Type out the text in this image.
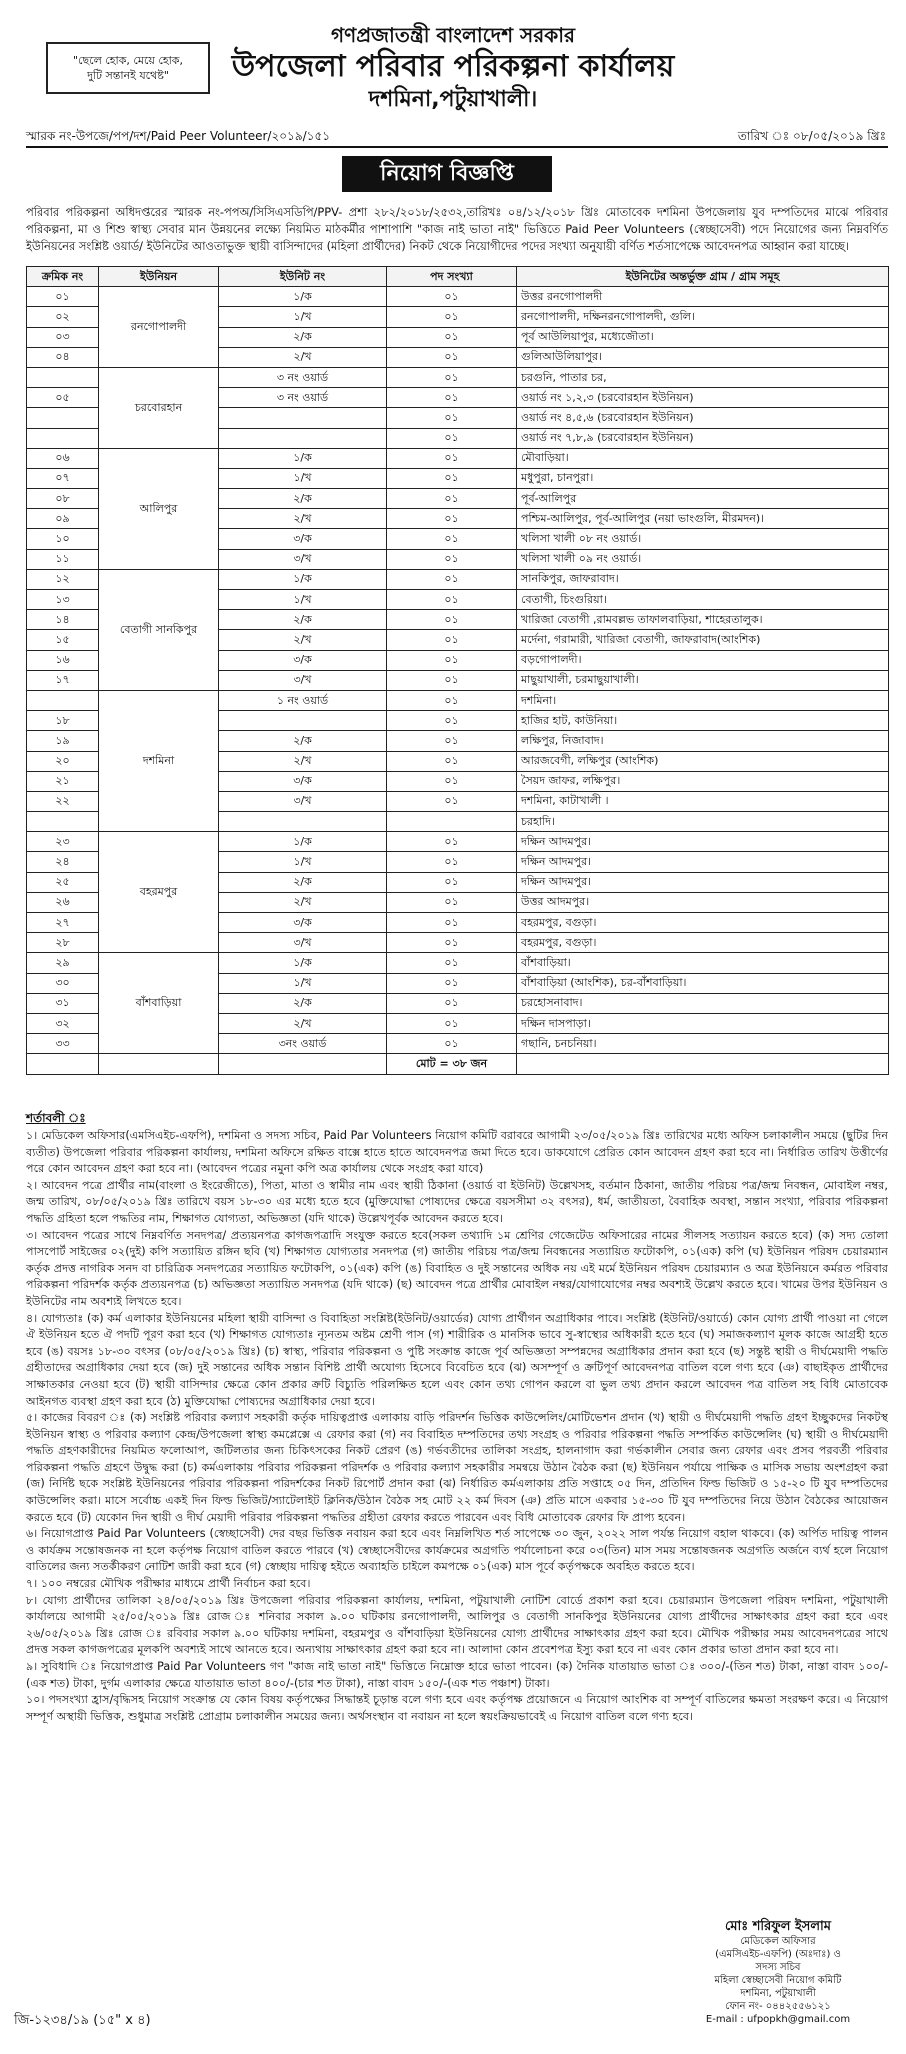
"ছেলে হোক, মেয়ে হোক,
দুটি সন্তানই যথেষ্ট"
গণপ্রজাতন্ত্রী বাংলাদেশ সরকার
উপজেলা পরিবার পরিকল্পনা কার্যালয়
দশমিনা,পটুয়াখালী।
স্মারক নং-উপজে/পপ/দশ/Paid Peer Volunteer/২০১৯/১৫১	তারিখ ঃ ০৮/০৫/২০১৯ খ্রিঃ
নিয়োগ বিজ্ঞপ্তি
পরিবার পরিকল্পনা অধিদপ্তরের স্মারক নং-পপঅ/সিসিএসডিপি/PPV- প্রশা ২৮২/২০১৮/২৫৩২,তারিখঃ ০৪/১২/২০১৮ খ্রিঃ মোতাবেক দশমিনা উপজেলায় যুব দম্পতিদের মাঝে পরিবার পরিকল্পনা, মা ও শিশু স্বাস্থ্য সেবার মান উন্নয়নের লক্ষ্যে নিয়মিত মাঠকর্মীর পাশাপাশি "কাজ নাই ভাতা নাই" ভিত্তিতে Paid Peer Volunteers (স্বেচ্ছাসেবী) পদে নিয়োগের জন্য নিম্নবর্ণিত ইউনিয়নের সংশ্লিষ্ট ওয়ার্ড/ ইউনিটের আওতাভুক্ত স্থায়ী বাসিন্দাদের (মহিলা প্রার্থীদের) নিকট থেকে নিয়োগীদের পদের সংখ্যা অনুযায়ী বর্ণিত শর্তসাপেক্ষে আবেদনপত্র আহ্বান করা যাচ্ছে।
ক্রমিক নং	ইউনিয়ন	ইউনিট নং	পদ সংখ্যা	ইউনিটের অন্তর্ভুক্ত গ্রাম / গ্রাম সমূহ
০১	রনগোপালদী	১/ক	০১	উত্তর রনগোপালদী
০২		১/খ	০১	রনগোপালদী, দক্ষিনরনগোপালদী, গুলি।
০৩		২/ক	০১	পূর্ব আউলিয়াপুর, মধ্যেজৌতা।
০৪		২/খ	০১	গুলিআউলিয়াপুর।
	চরবোরহান	৩ নং ওয়ার্ড	০১	চরগুনি, পাতার চর,
০৫		৩ নং ওয়ার্ড	০১	ওয়ার্ড নং ১,২,৩ (চরবোরহান ইউনিয়ন)
			০১	ওয়ার্ড নং ৪,৫,৬ (চরবোরহান ইউনিয়ন)
			০১	ওয়ার্ড নং ৭,৮,৯ (চরবোরহান ইউনিয়ন)
০৬	আলিপুর	১/ক	০১	মৌবাড়িয়া।
০৭		১/খ	০১	মধুপুরা, চানপুরা।
০৮		২/ক	০১	পূর্ব-আলিপুর
০৯		২/খ	০১	পশ্চিম-আলিপুর, পূর্ব-আলিপুর (নয়া ভাংগুলি, মীরমদন)।
১০		৩/ক	০১	খলিসা খালী ০৮ নং ওয়ার্ড।
১১		৩/খ	০১	খলিসা খালী ০৯ নং ওয়ার্ড।
১২	বেতাগী সানকিপুর	১/ক	০১	সানকিপুর, জাফরাবাদ।
১৩		১/খ	০১	বেতাগী, চিংগুরিয়া।
১৪		২/ক	০১	খারিজা বেতাগী ,রামবল্লভ তাফালবাড়িয়া, শাহেরতালুক।
১৫		২/খ	০১	মর্দেনা, গরামারী, খারিজা বেতাগী, জাফরাবাদ(আংশিক)
১৬		৩/ক	০১	বড়গোপালদী।
১৭		৩/খ	০১	মাছুয়াখালী, চরমাছুয়াখালী।
	দশমিনা	১ নং ওয়ার্ড	০১	দশমিনা।
১৮			০১	হাজির হাট, কাউনিয়া।
১৯		২/ক	০১	লক্ষিপুর, নিজাবাদ।
২০		২/খ	০১	আরজবেগী, লক্ষিপুর (আংশিক)
২১		৩/ক	০১	সৈয়দ জাফর, লক্ষিপুর।
২২		৩/খ	০১	দশমিনা, কাটাখালী ।
				চরহাদি।
২৩	বহরমপুর	১/ক	০১	দক্ষিন আদমপুর।
২৪		১/খ	০১	দক্ষিন আদমপুর।
২৫		২/ক	০১	দক্ষিন আদমপুর।
২৬		২/খ	০১	উত্তর আদমপুর।
২৭		৩/ক	০১	বহরমপুর, বগুড়া।
২৮		৩/খ	০১	বহরমপুর, বগুড়া।
২৯	বাঁশবাড়িয়া	১/ক	০১	বাঁশবাড়িয়া।
৩০		১/খ	০১	বাঁশবাড়িয়া (আংশিক), চর-বাঁশবাড়িয়া।
৩১		২/ক	০১	চরহোসনাবাদ।
৩২		২/খ	০১	দক্ষিন দাসপাড়া।
৩৩		৩নং ওয়ার্ড	০১	গছানি, চনচনিয়া।
			মোট = ৩৮ জন	
শর্তাবলী ঃ

১। মেডিকেল অফিসার(এমসিএইচ-এফপি), দশমিনা ও সদস্য সচিব, Paid Par Volunteers নিয়োগ কমিটি বরাবরে আগামী ২৩/০৫/২০১৯ খ্রিঃ তারিখের মধ্যে অফিস চলাকালীন সময়ে (ছুটির দিন ব্যতীত) উপজেলা পরিবার পরিকল্পনা কার্যালয়, দশমিনা অফিসে রক্ষিত বাক্সে হাতে হাতে আবেদনপত্র জমা দিতে হবে। ডাকযোগে প্রেরিত কোন আবেদন গ্রহণ করা হবে না। নির্ধারিত তারিখ উত্তীর্ণের পরে কোন আবেদন গ্রহণ করা হবে না। (আবেদন পত্রের নমুনা কপি অত্র কার্যালয় থেকে সংগ্রহ করা যাবে)

২। আবেদন পত্রে প্রার্থীর নাম(বাংলা ও ইংরেজীতে), পিতা, মাতা ও স্বামীর নাম এবং স্থায়ী ঠিকানা (ওয়ার্ড বা ইউনিট) উল্লেখসহ, বর্তমান ঠিকানা, জাতীয় পরিচয় পত্র/জন্ম নিবন্ধন, মোবাইল নম্বর, জন্ম তারিখ, ০৮/০৫/২০১৯ খ্রিঃ তারিখে বয়স ১৮-৩০ এর মধ্যে হতে হবে (মুক্তিযোদ্ধা পোষ্যদের ক্ষেত্রে বয়সসীমা ৩২ বৎসর), ধর্ম, জাতীয়তা, বৈবাহিক অবস্থা, সন্তান সংখ্যা, পরিবার পরিকল্পনা পদ্ধতি গ্রহিতা হলে পদ্ধতির নাম, শিক্ষাগত যোগ্যতা, অভিজ্ঞতা (যদি থাকে) উল্লেখপূর্বক আবেদন করতে হবে।

৩। আবেদন পত্রের সাথে নিম্নবর্ণিত সনদপত্র/ প্রত্যয়নপত্র কাগজপত্রাদি সংযুক্ত করতে হবে(সকল তথ্যাদি ১ম শ্রেণির গেজেটেড অফিসারের নামের সীলসহ সত্যায়ন করতে হবে) (ক) সদ্য তোলা পাসপোর্ট সাইজের ০২(দুই) কপি সত্যায়িত রঙ্গিন ছবি (খ) শিক্ষাগত যোগ্যতার সনদপত্র (গ) জাতীয় পরিচয় পত্র/জন্ম নিবন্ধনের সত্যায়িত ফটোকপি, ০১(এক) কপি (ঘ) ইউনিয়ন পরিষদ চেয়ারম্যান কর্তৃক প্রদত্ত নাগরিক সনদ বা চারিত্রিক সনদপত্রের সত্যায়িত ফটোকপি, ০১(এক) কপি (ঙ) বিবাহিত ও দুই সন্তানের অধিক নয় এই মর্মে ইউনিয়ন পরিষদ চেয়ারম্যান ও অত্র ইউনিয়নে কর্মরত পরিবার পরিকল্পনা পরিদর্শক কর্তৃক প্রত্যয়নপত্র (চ) অভিজ্ঞতা সত্যায়িত সনদপত্র (যদি থাকে) (ছ) আবেদন পত্রে প্রার্থীর মোবাইল নম্বর/যোগাযোগের নম্বর অবশ্যই উল্লেখ করতে হবে। খামের উপর ইউনিয়ন ও ইউনিটের নাম অবশ্যই লিখতে হবে।

৪। যোগ্যতাঃ (ক) কর্ম এলাকার ইউনিয়নের মহিলা স্থায়ী বাসিন্দা ও বিবাহিতা সংশ্লিষ্ট(ইউনিট/ওয়ার্ডের) যোগ্য প্রার্থীগন অগ্রাধিকার পাবে। সংশ্লিষ্ট (ইউনিট/ওয়ার্ডে) কোন যোগ্য প্রার্থী পাওয়া না গেলে ঐ ইউনিয়ন হতে ঐ পদটি পূরণ করা হবে (খ) শিক্ষাগত যোগ্যতাঃ ন্যূনতম অষ্টম শ্রেণী পাস (গ) শারীরিক ও মানসিক ভাবে সু-স্বাস্থ্যের অধিকারী হতে হবে (ঘ) সমাজকল্যাণ মূলক কাজে আগ্রহী হতে হবে (ঙ) বয়সঃ ১৮-৩০ বৎসর (০৮/০৫/২০১৯ খ্রিঃ) (চ) স্বাস্থ্য, পরিবার পরিকল্পনা ও পুষ্টি সংক্রান্ত কাজে পূর্ব অভিজ্ঞতা সম্পন্নদের অগ্রাধিকার প্রদান করা হবে (ছ) সন্তুষ্ট স্থায়ী ও দীর্ঘমেয়াদী পদ্ধতি গ্রহীতাদের অগ্রাধিকার দেয়া হবে (জ) দুই সন্তানের অধিক সন্তান বিশিষ্ট প্রার্থী অযোগ্য হিসেবে বিবেচিত হবে (ঝ) অসম্পূর্ণ ও ক্রটিপূর্ণ আবেদনপত্র বাতিল বলে গণ্য হবে (ঞ) বাছাইকৃত প্রার্থীদের সাক্ষাতকার নেওয়া হবে (ট) স্থায়ী বাসিন্দার ক্ষেত্রে কোন প্রকার ক্রটি বিচ্যুতি পরিলক্ষিত হলে এবং কোন তথ্য গোপন করলে বা ভুল তথ্য প্রদান করলে আবেদন পত্র বাতিল সহ বিধি মোতাবেক আইনগত ব্যবস্থা গ্রহণ করা হবে (ঠ) মুক্তিযোদ্ধা পোষ্যদের অগ্রাধিকার দেয়া হবে।

৫। কাজের বিবরণ ঃ (ক) সংশ্লিষ্ট পরিবার কল্যাণ সহকারী কর্তৃক দায়িত্বপ্রাপ্ত এলাকায় বাড়ি পরিদর্শন ভিত্তিক কাউন্সেলিং/মোটিভেশন প্রদান (খ) স্থায়ী ও দীর্ঘমেয়াদী পদ্ধতি গ্রহণ ইচ্ছুকদের নিকটস্থ ইউনিয়ন স্বাস্থ্য ও পরিবার কল্যাণ কেন্দ্র/উপজেলা স্বাস্থ্য কমপ্লেক্সে এ রেফার করা (গ) নব বিবাহিত দম্পতিদের তথ্য সংগ্রহ ও পরিবার পরিকল্পনা পদ্ধতি সম্পর্কিত কাউন্সেলিং (ঘ) স্থায়ী ও দীর্ঘমেয়াদী পদ্ধতি গ্রহণকারীদের নিয়মিত ফলোআপ, জটিলতার জন্য চিকিৎসকের নিকট প্রেরণ (ঙ) গর্ভবতীদের তালিকা সংগ্রহ, হালনাগাদ করা গর্ভকালীন সেবার জন্য রেফার এবং প্রসব পরবর্তী পরিবার পরিকল্পনা পদ্ধতি গ্রহণে উদ্বুদ্ধ করা (চ) কর্মএলাকায় পরিবার পরিকল্পনা পরিদর্শক ও পরিবার কল্যাণ সহকারীর সমন্বয়ে উঠান বৈঠক করা (ছ) ইউনিয়ন পর্যায়ে পাক্ষিক ও মাসিক সভায় অংশগ্রহণ করা (জ) নির্দিষ্ট ছকে সংশ্লিষ্ট ইউনিয়নের পরিবার পরিকল্পনা পরিদর্শকের নিকট রিপোর্ট প্রদান করা (ঝ) নির্ধারিত কর্মএলাকায় প্রতি সপ্তাহে ০৫ দিন, প্রতিদিন ফিল্ড ভিজিট ও ১৫-২০ টি যুব দম্পতিদের কাউন্সেলিং করা। মাসে সর্বোচ্চ একই দিন ফিল্ড ভিজিট/স্যাটেলাইট ক্লিনিক/উঠান বৈঠক সহ মোট ২২ কর্ম দিবস (ঞ) প্রতি মাসে একবার ১৫-৩০ টি যুব দম্পতিদের নিয়ে উঠান বৈঠকের আয়োজন করতে হবে (ট) যেকোন দিন স্থায়ী ও দীর্ঘ মেয়াদী পরিবার পরিকল্পনা পদ্ধতির গ্রহীতা রেফার করতে পারবেন এবং বিধি মোতাবেক রেফার ফি প্রাপ্য হবেন।

৬। নিয়োগপ্রাপ্ত Paid Par Volunteers (স্বেচ্ছাসেবী) দের বছর ভিত্তিক নবায়ন করা হবে এবং নিম্নলিখিত শর্ত সাপেক্ষে ৩০ জুন, ২০২২ সাল পর্যন্ত নিয়োগ বহাল থাকবে। (ক) অর্পিত দায়িত্ব পালন ও কার্যক্রম সন্তোষজনক না হলে কর্তৃপক্ষ নিয়োগ বাতিল করতে পারবে (খ) স্বেচ্ছাসেবীদের কার্যক্রমের অগ্রগতি পর্যালোচনা করে ০৩(তিন) মাস সময় সন্তোষজনক অগ্রগতি অর্জনে ব্যর্থ হলে নিয়োগ বাতিলের জন্য সতর্কীকরণ নোটিশ জারী করা হবে (গ) স্বেচ্ছায় দায়িত্ব হইতে অব্যাহতি চাইলে কমপক্ষে ০১(এক) মাস পূর্বে কর্তৃপক্ষকে অবহিত করতে হবে।

৭। ১০০ নম্বরের মৌখিক পরীক্ষার মাধ্যমে প্রার্থী নির্বাচন করা হবে।

৮। যোগ্য প্রার্থীদের তালিকা ২৪/০৫/২০১৯ খ্রিঃ উপজেলা পরিবার পরিকল্পনা কার্যালয়, দশমিনা, পটুয়াখালী নোটিশ বোর্ডে প্রকাশ করা হবে। চেয়ারম্যান উপজেলা পরিষদ দশমিনা, পটুয়াখালী কার্যালয়ে আগামী ২৫/০৫/২০১৯ খ্রিঃ রোজ ঃ শনিবার সকাল ৯.০০ ঘটিকায় রনগোপালদী, আলিপুর ও বেতাগী সানকিপুর ইউনিয়নের যোগ্য প্রার্থীদের সাক্ষাৎকার গ্রহণ করা হবে এবং ২৬/০৫/২০১৯ খ্রিঃ রোজ ঃ রবিবার সকাল ৯.০০ ঘটিকায় দশমিনা, বহরমপুর ও বাঁশবাড়িয়া ইউনিয়নের যোগ্য প্রার্থীদের সাক্ষাৎকার গ্রহণ করা হবে। মৌখিক পরীক্ষার সময় আবেদনপত্রের সাথে প্রদত্ত সকল কাগজপত্রের মূলকপি অবশ্যই সাথে আনতে হবে। অন্যথায় সাক্ষাৎকার গ্রহণ করা হবে না। আলাদা কোন প্রবেশপত্র ইস্যু করা হবে না এবং কোন প্রকার ভাতা প্রদান করা হবে না।

৯। সুবিধাদি ঃ নিয়োগপ্রাপ্ত Paid Par Volunteers গণ "কাজ নাই ভাতা নাই" ভিত্তিতে নিম্নোক্ত হারে ভাতা পাবেন। (ক) দৈনিক যাতায়াত ভাতা ঃ ৩০০/-(তিন শত) টাকা, নাস্তা বাবদ ১০০/-(এক শত) টাকা, দুর্গম এলাকার ক্ষেত্রে যাতায়াত ভাতা ৪০০/-(চার শত টাকা), নাস্তা বাবদ ১৫০/-(এক শত পঞ্চাশ) টাকা।

১০। পদসংখ্যা হ্রাস/বৃদ্ধিসহ নিয়োগ সংক্রান্ত যে কোন বিষয় কর্তৃপক্ষের সিদ্ধান্তই চূড়ান্ত বলে গণ্য হবে এবং কর্তৃপক্ষ প্রয়োজনে এ নিয়োগ আংশিক বা সম্পূর্ণ বাতিলের ক্ষমতা সংরক্ষণ করে। এ নিয়োগ সম্পূর্ণ অস্থায়ী ভিত্তিক, শুধুমাত্র সংশ্লিষ্ট প্রোগ্রাম চলাকালীন সময়ের জন্য। অর্থসংস্থান বা নবায়ন না হলে স্বয়ংক্রিয়ভাবেই এ নিয়োগ বাতিল বলে গণ্য হবে।

মোঃ শরিফুল ইসলাম
মেডিকেল অফিসার
(এমসিএইচ-এফপি) (অঃদাঃ) ও
সদস্য সচিব
মহিলা স্বেচ্ছাসেবী নিয়োগ কমিটি
দশমিনা, পটুয়াখালী
ফোন নং- ০৪৪২৫৫৬১২১
E-mail : ufpopkh@gmail.com
জি-১২৩৪/১৯ (১৫" x ৪)
